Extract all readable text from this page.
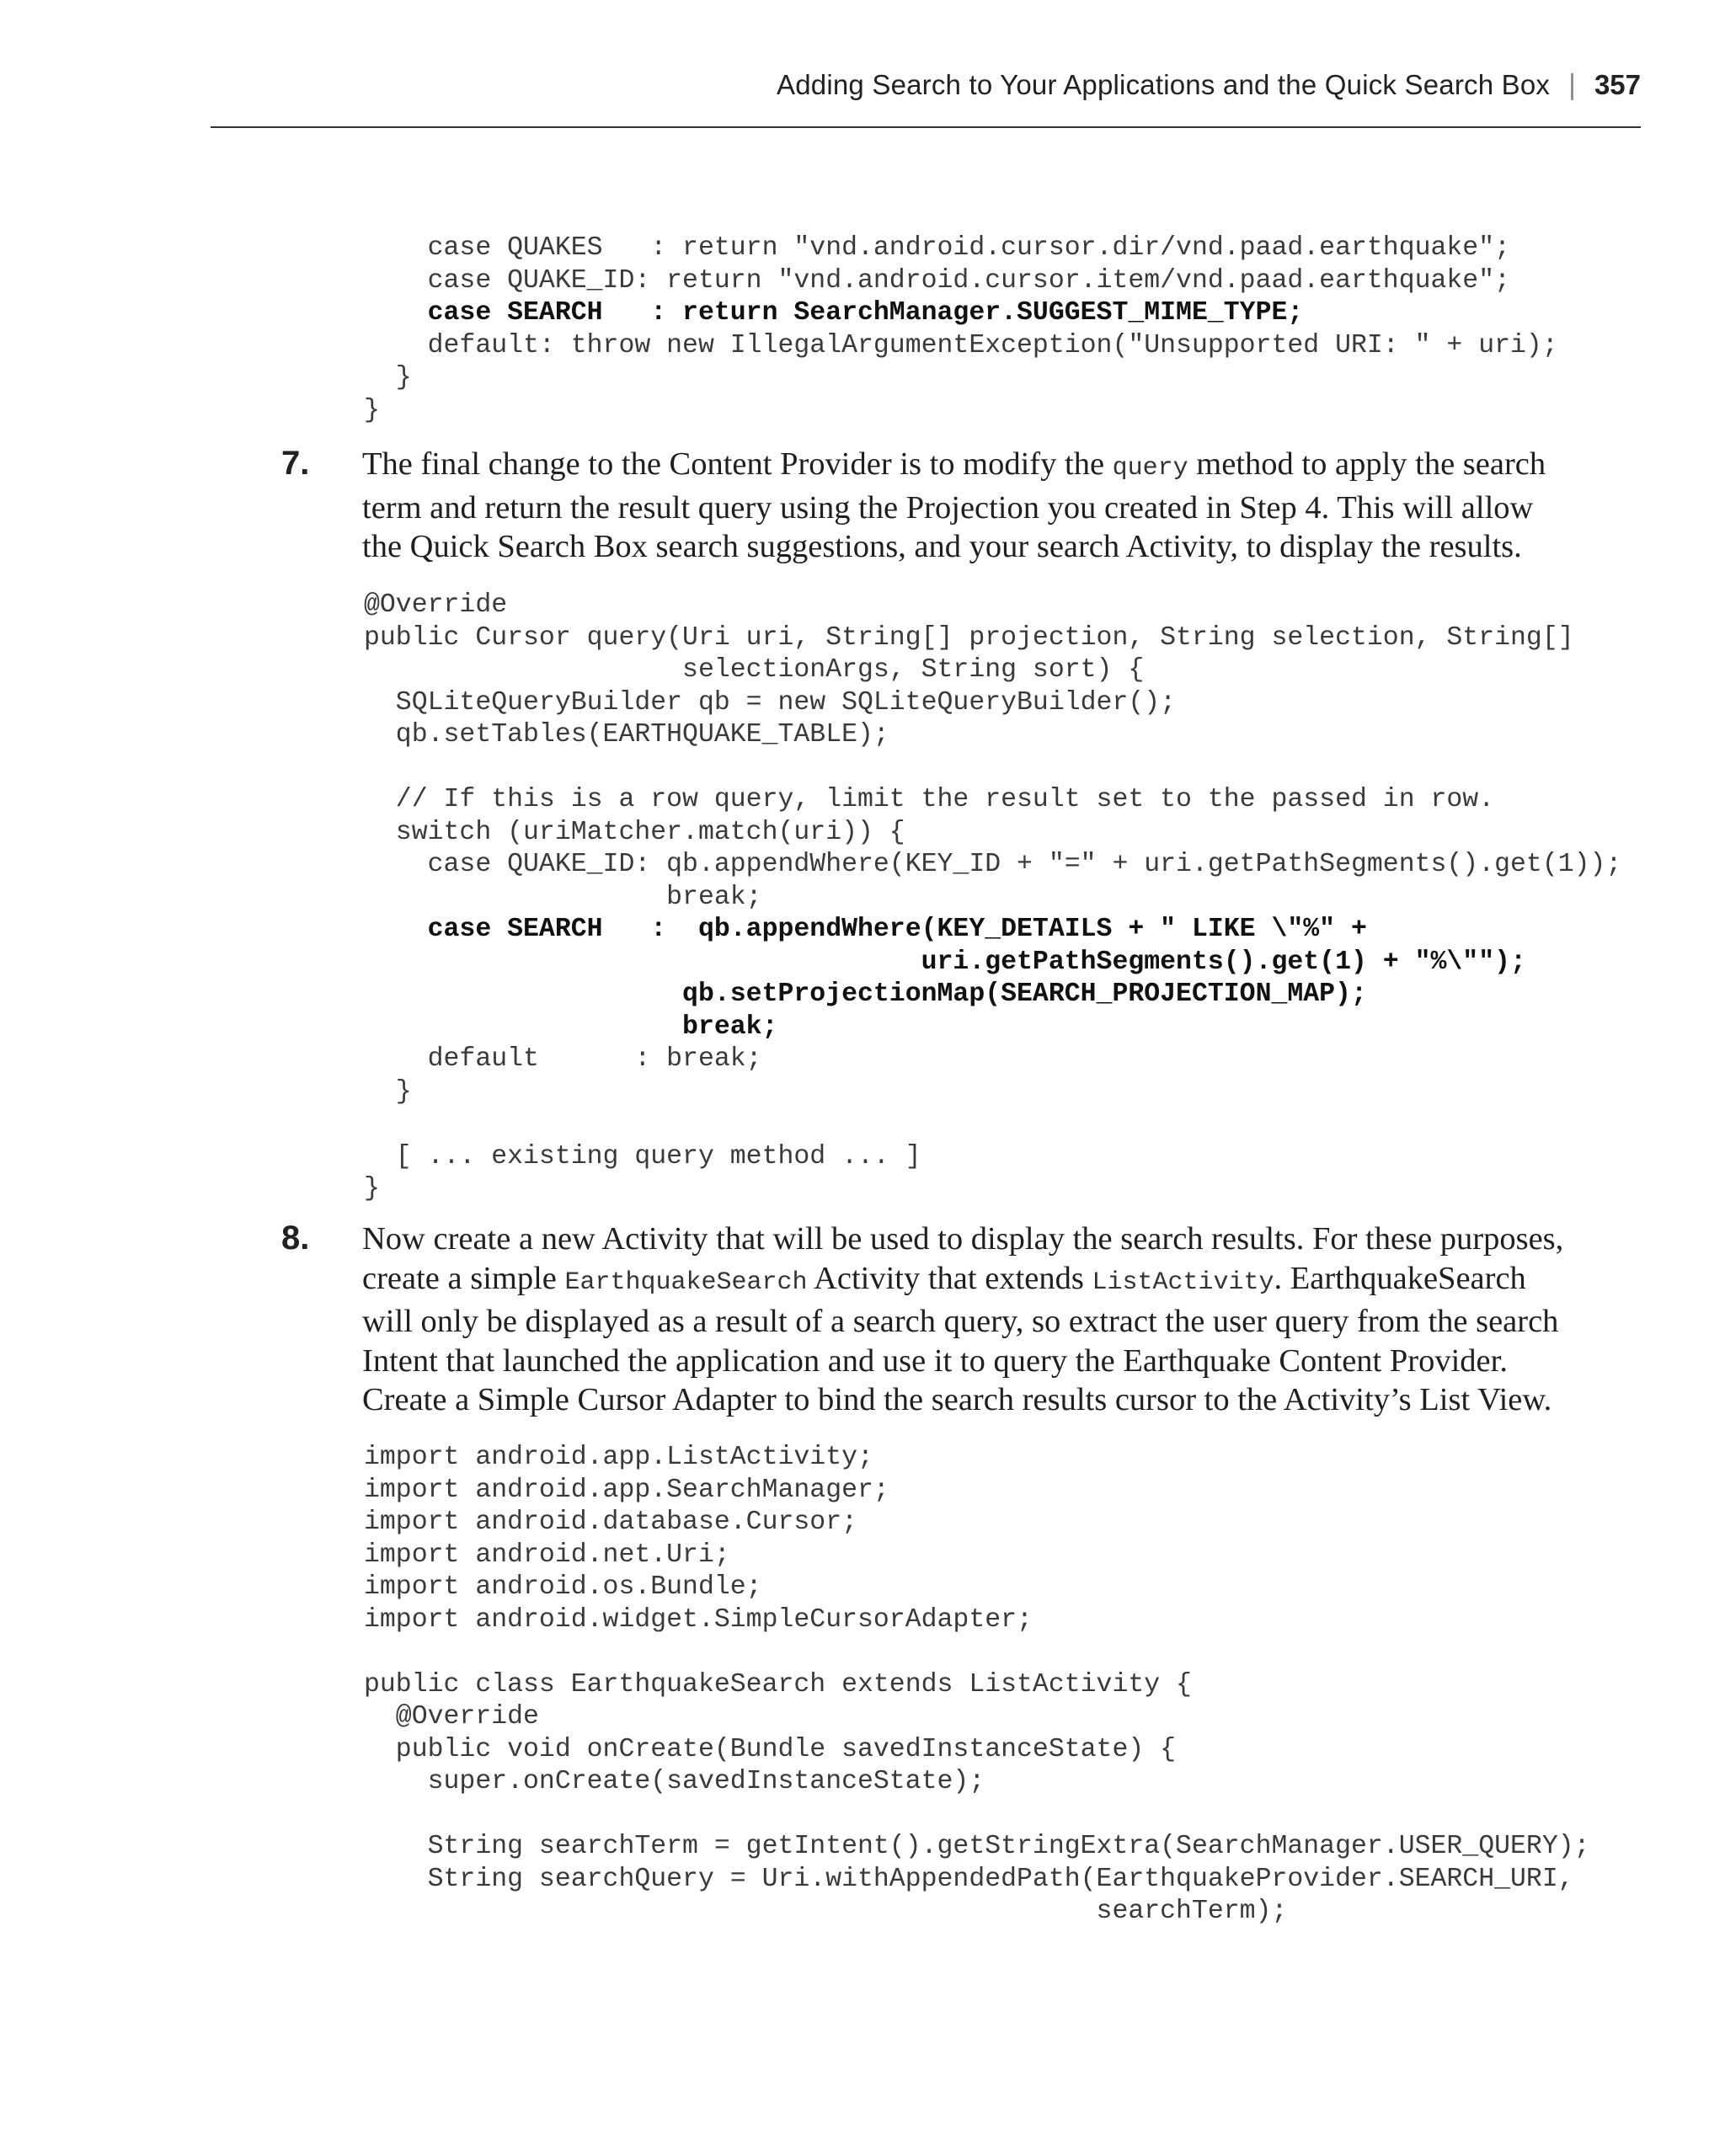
Adding Search to Your Applications and the Quick Search Box | 357
case QUAKES   : return "vnd.android.cursor.dir/vnd.paad.earthquake";
case QUAKE_ID: return "vnd.android.cursor.item/vnd.paad.earthquake";
case SEARCH   : return SearchManager.SUGGEST_MIME_TYPE;
default: throw new IllegalArgumentException("Unsupported URI: " + uri);
}
}
7. The final change to the Content Provider is to modify the query method to apply the search
term and return the result query using the Projection you created in Step 4. This will allow
the Quick Search Box search suggestions, and your search Activity, to display the results.
@Override
public Cursor query(Uri uri, String[] projection, String selection, String[]
selectionArgs, String sort) {
SQLiteQueryBuilder qb = new SQLiteQueryBuilder();
qb.setTables(EARTHQUAKE_TABLE);
// If this is a row query, limit the result set to the passed in row.
switch (uriMatcher.match(uri)) {
case QUAKE_ID: qb.appendWhere(KEY_ID + "=" + uri.getPathSegments().get(1));
break;
case SEARCH   :  qb.appendWhere(KEY_DETAILS + " LIKE \"%" +
uri.getPathSegments().get(1) + "%\"");
qb.setProjectionMap(SEARCH_PROJECTION_MAP);
break;
default      : break;
}
[ ... existing query method ... ]
}
8. Now create a new Activity that will be used to display the search results. For these purposes,
create a simple EarthquakeSearch Activity that extends ListActivity. EarthquakeSearch
will only be displayed as a result of a search query, so extract the user query from the search
Intent that launched the application and use it to query the Earthquake Content Provider.
Create a Simple Cursor Adapter to bind the search results cursor to the Activity’s List View.
import android.app.ListActivity;
import android.app.SearchManager;
import android.database.Cursor;
import android.net.Uri;
import android.os.Bundle;
import android.widget.SimpleCursorAdapter;
public class EarthquakeSearch extends ListActivity {
@Override
public void onCreate(Bundle savedInstanceState) {
super.onCreate(savedInstanceState);
String searchTerm = getIntent().getStringExtra(SearchManager.USER_QUERY);
String searchQuery = Uri.withAppendedPath(EarthquakeProvider.SEARCH_URI,
searchTerm);
